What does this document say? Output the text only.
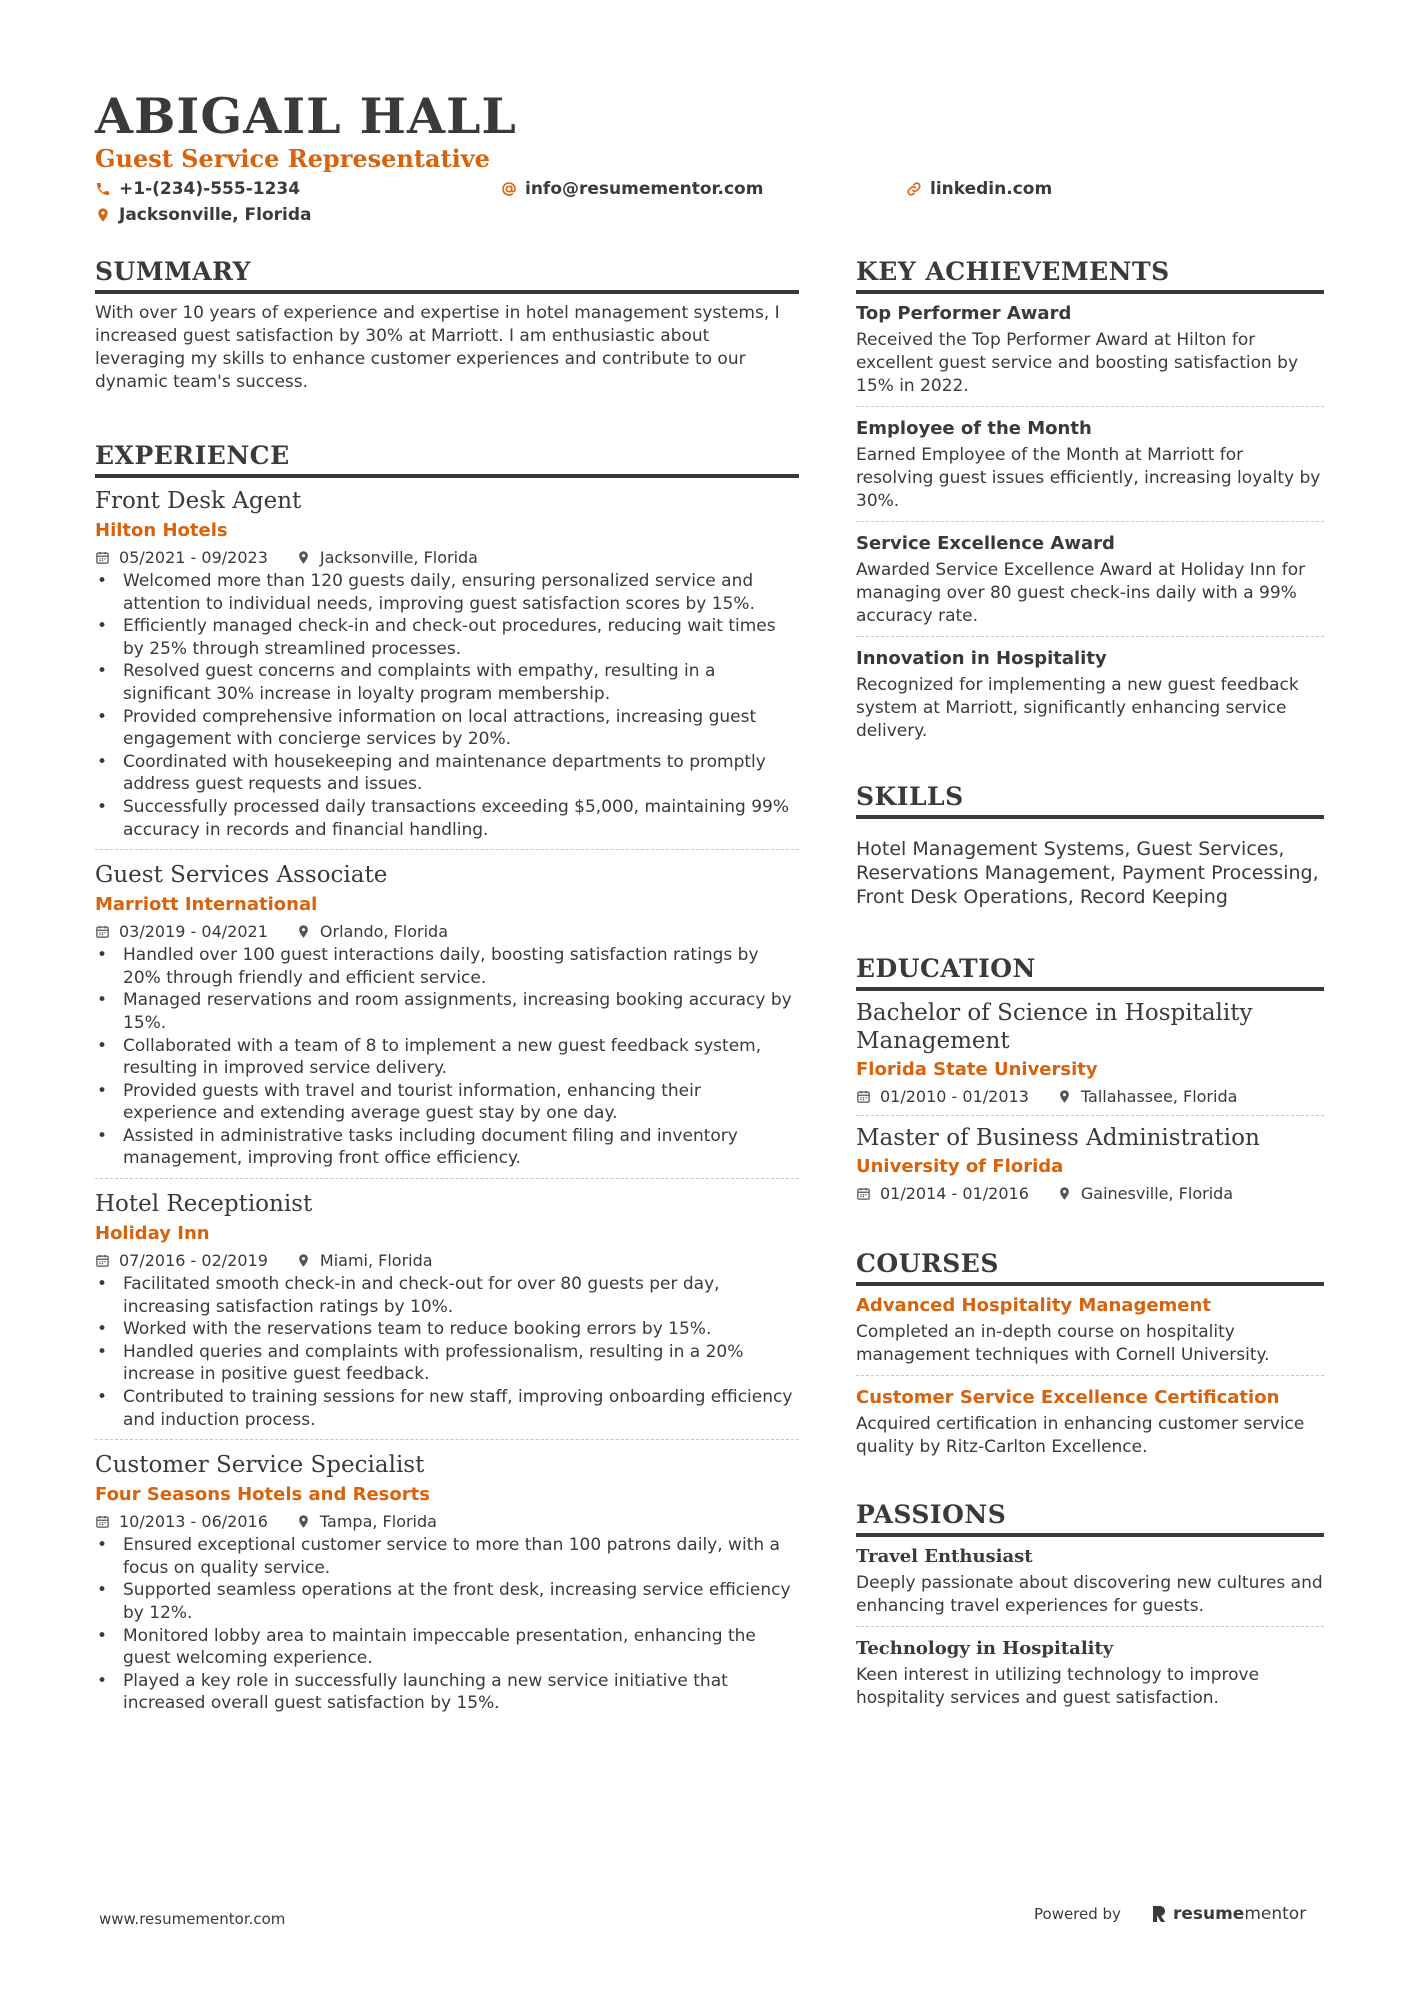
ABIGAIL HALL
Guest Service Representative
+1-(234)-555-1234	info@resumementor.com	linkedin.com
Jacksonville, Florida
SUMMARY
With over 10 years of experience and expertise in hotel management systems, I increased guest satisfaction by 30% at Marriott. I am enthusiastic about leveraging my skills to enhance customer experiences and contribute to our dynamic team's success.
EXPERIENCE
Front Desk Agent
Hilton Hotels
05/2021 - 09/2023	Jacksonville, Florida
• Welcomed more than 120 guests daily, ensuring personalized service and attention to individual needs, improving guest satisfaction scores by 15%.
• Efficiently managed check-in and check-out procedures, reducing wait times by 25% through streamlined processes.
• Resolved guest concerns and complaints with empathy, resulting in a significant 30% increase in loyalty program membership.
• Provided comprehensive information on local attractions, increasing guest engagement with concierge services by 20%.
• Coordinated with housekeeping and maintenance departments to promptly address guest requests and issues.
• Successfully processed daily transactions exceeding $5,000, maintaining 99% accuracy in records and financial handling.
Guest Services Associate
Marriott International
03/2019 - 04/2021	Orlando, Florida
• Handled over 100 guest interactions daily, boosting satisfaction ratings by 20% through friendly and efficient service.
• Managed reservations and room assignments, increasing booking accuracy by 15%.
• Collaborated with a team of 8 to implement a new guest feedback system, resulting in improved service delivery.
• Provided guests with travel and tourist information, enhancing their experience and extending average guest stay by one day.
• Assisted in administrative tasks including document filing and inventory management, improving front office efficiency.
Hotel Receptionist
Holiday Inn
07/2016 - 02/2019	Miami, Florida
• Facilitated smooth check-in and check-out for over 80 guests per day, increasing satisfaction ratings by 10%.
• Worked with the reservations team to reduce booking errors by 15%.
• Handled queries and complaints with professionalism, resulting in a 20% increase in positive guest feedback.
• Contributed to training sessions for new staff, improving onboarding efficiency and induction process.
Customer Service Specialist
Four Seasons Hotels and Resorts
10/2013 - 06/2016	Tampa, Florida
• Ensured exceptional customer service to more than 100 patrons daily, with a focus on quality service.
• Supported seamless operations at the front desk, increasing service efficiency by 12%.
• Monitored lobby area to maintain impeccable presentation, enhancing the guest welcoming experience.
• Played a key role in successfully launching a new service initiative that increased overall guest satisfaction by 15%.
KEY ACHIEVEMENTS
Top Performer Award
Received the Top Performer Award at Hilton for excellent guest service and boosting satisfaction by 15% in 2022.
Employee of the Month
Earned Employee of the Month at Marriott for resolving guest issues efficiently, increasing loyalty by 30%.
Service Excellence Award
Awarded Service Excellence Award at Holiday Inn for managing over 80 guest check-ins daily with a 99% accuracy rate.
Innovation in Hospitality
Recognized for implementing a new guest feedback system at Marriott, significantly enhancing service delivery.
SKILLS
Hotel Management Systems, Guest Services, Reservations Management, Payment Processing, Front Desk Operations, Record Keeping
EDUCATION
Bachelor of Science in Hospitality Management
Florida State University
01/2010 - 01/2013	Tallahassee, Florida
Master of Business Administration
University of Florida
01/2014 - 01/2016	Gainesville, Florida
COURSES
Advanced Hospitality Management
Completed an in-depth course on hospitality management techniques with Cornell University.
Customer Service Excellence Certification
Acquired certification in enhancing customer service quality by Ritz-Carlton Excellence.
PASSIONS
Travel Enthusiast
Deeply passionate about discovering new cultures and enhancing travel experiences for guests.
Technology in Hospitality
Keen interest in utilizing technology to improve hospitality services and guest satisfaction.
www.resumementor.com	Powered by	resume mentor
